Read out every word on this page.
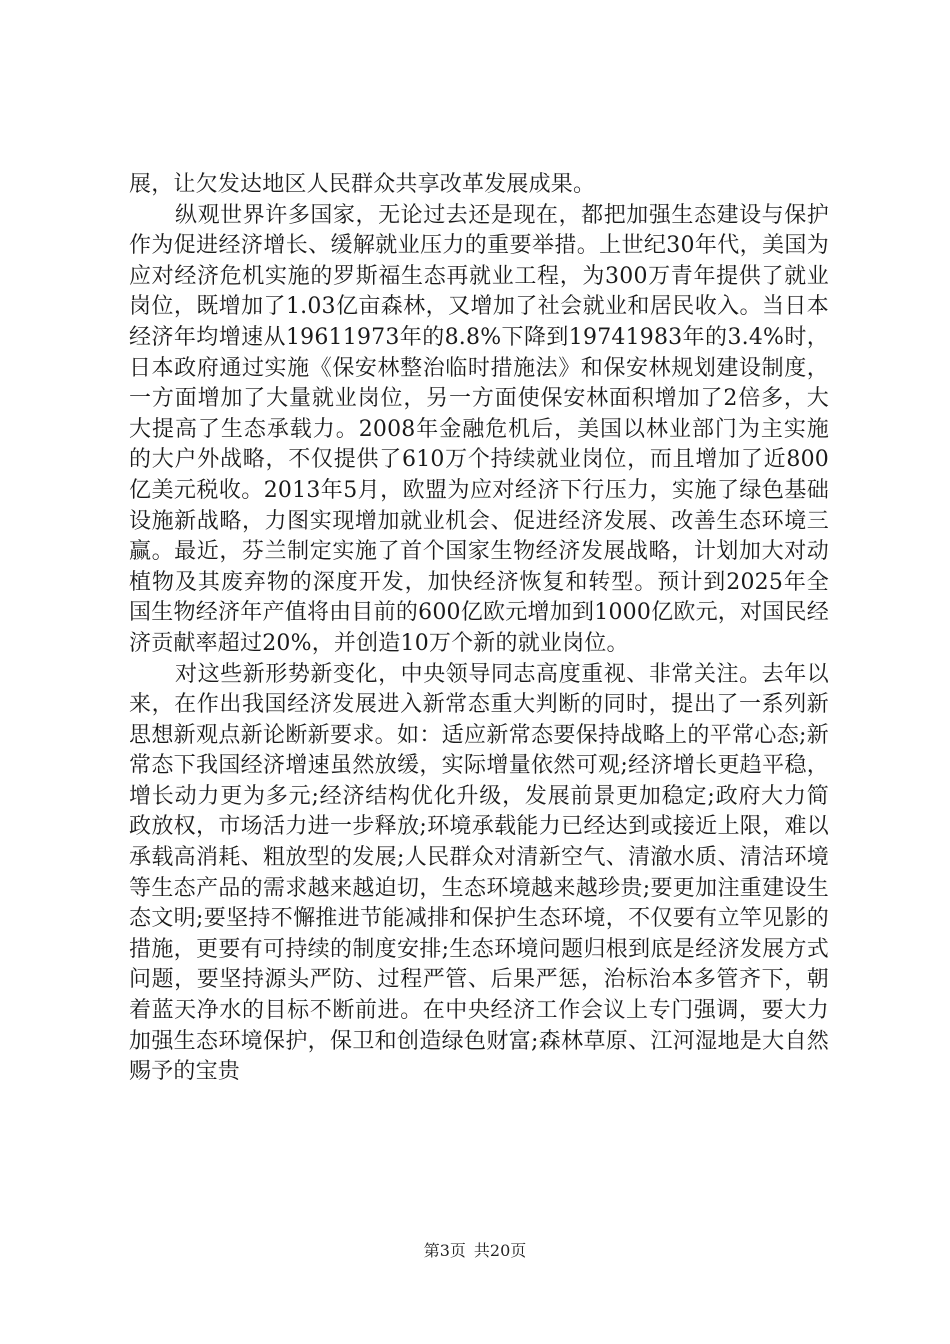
展，让欠发达地区人民群众共享改革发展成果。

纵观世界许多国家，无论过去还是现在，都把加强生态建设与保护作为促进经济增长、缓解就业压力的重要举措。上世纪30年代，美国为应对经济危机实施的罗斯福生态再就业工程，为300万青年提供了就业岗位，既增加了1.03亿亩森林，又增加了社会就业和居民收入。当日本经济年均增速从19611973年的8.8%下降到19741983年的3.4%时，日本政府通过实施《保安林整治临时措施法》和保安林规划建设制度，一方面增加了大量就业岗位，另一方面使保安林面积增加了2倍多，大大提高了生态承载力。2008年金融危机后，美国以林业部门为主实施的大户外战略，不仅提供了610万个持续就业岗位，而且增加了近800亿美元税收。2013年5月，欧盟为应对经济下行压力，实施了绿色基础设施新战略，力图实现增加就业机会、促进经济发展、改善生态环境三赢。最近，芬兰制定实施了首个国家生物经济发展战略，计划加大对动植物及其废弃物的深度开发，加快经济恢复和转型。预计到2025年全国生物经济年产值将由目前的600亿欧元增加到1000亿欧元，对国民经济贡献率超过20%，并创造10万个新的就业岗位。

对这些新形势新变化，中央领导同志高度重视、非常关注。去年以来，在作出我国经济发展进入新常态重大判断的同时，提出了一系列新思想新观点新论断新要求。如：适应新常态要保持战略上的平常心态;新常态下我国经济增速虽然放缓，实际增量依然可观;经济增长更趋平稳，增长动力更为多元;经济结构优化升级，发展前景更加稳定;政府大力简政放权，市场活力进一步释放;环境承载能力已经达到或接近上限，难以承载高消耗、粗放型的发展;人民群众对清新空气、清澈水质、清洁环境等生态产品的需求越来越迫切，生态环境越来越珍贵;要更加注重建设生态文明;要坚持不懈推进节能减排和保护生态环境，不仅要有立竿见影的措施，更要有可持续的制度安排;生态环境问题归根到底是经济发展方式问题，要坚持源头严防、过程严管、后果严惩，治标治本多管齐下，朝着蓝天净水的目标不断前进。在中央经济工作会议上专门强调，要大力加强生态环境保护，保卫和创造绿色财富;森林草原、江河湿地是大自然赐予的宝贵

第3页 共20页
